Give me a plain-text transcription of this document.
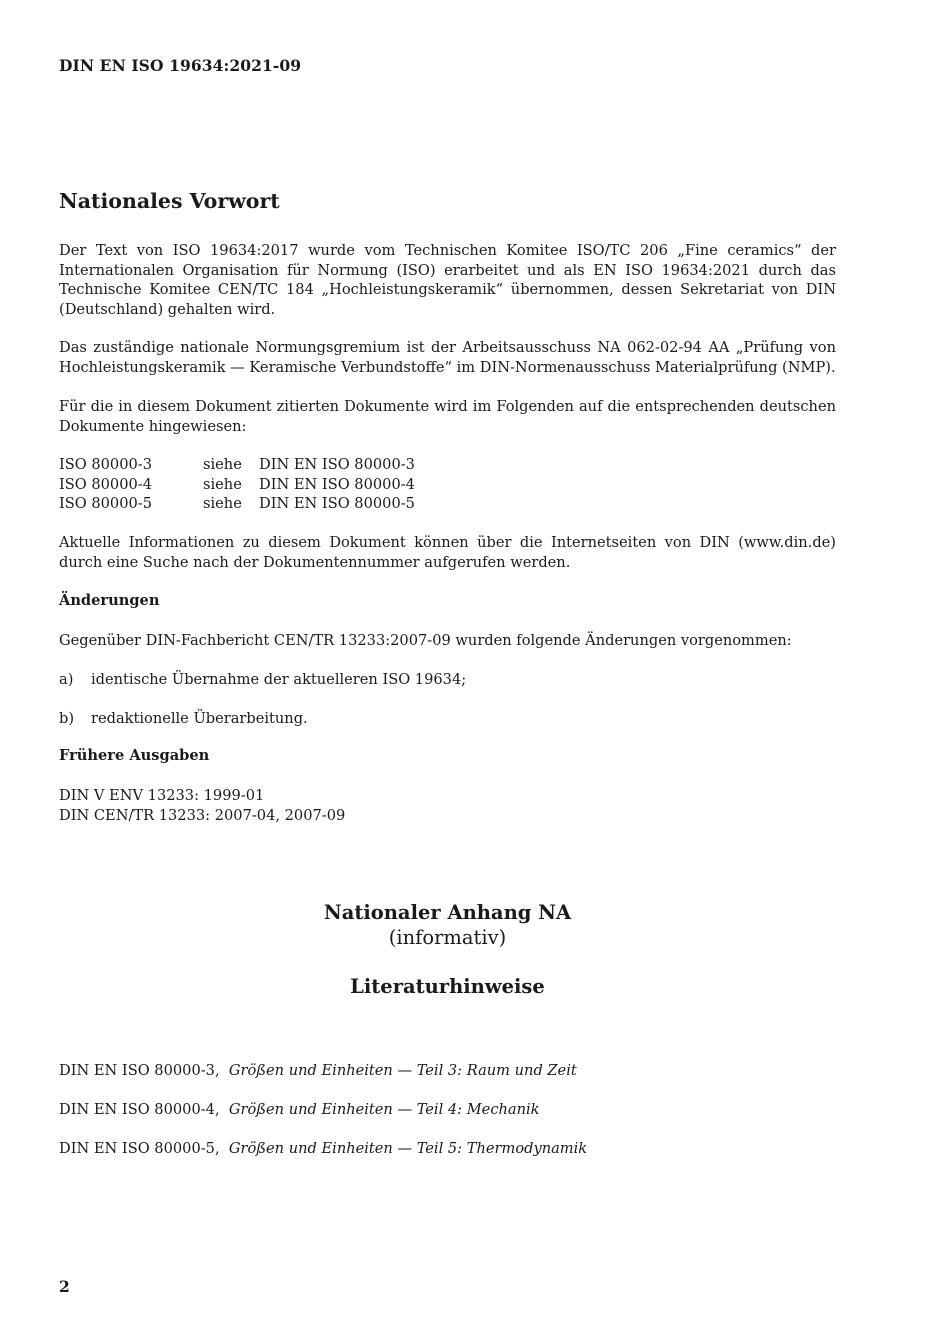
DIN EN ISO 19634:2021-09
Nationales Vorwort
Der Text von ISO 19634:2017 wurde vom Technischen Komitee ISO/TC 206 „Fine ceramics“ der Internationalen Organisation für Normung (ISO) erarbeitet und als EN ISO 19634:2021 durch das Technische Komitee CEN/TC 184 „Hochleistungskeramik“ übernommen, dessen Sekretariat von DIN (Deutschland) gehalten wird.
Das zuständige nationale Normungsgremium ist der Arbeitsausschuss NA 062-02-94 AA „Prüfung von Hochleistungskeramik — Keramische Verbundstoffe“ im DIN-Normenausschuss Materialprüfung (NMP).
Für die in diesem Dokument zitierten Dokumente wird im Folgenden auf die entsprechenden deutschen Dokumente hingewiesen:
ISO 80000-3	siehe	DIN EN ISO 80000-3
ISO 80000-4	siehe	DIN EN ISO 80000-4
ISO 80000-5	siehe	DIN EN ISO 80000-5
Aktuelle Informationen zu diesem Dokument können über die Internetseiten von DIN (www.din.de) durch eine Suche nach der Dokumentennummer aufgerufen werden.
Änderungen
Gegenüber DIN-Fachbericht CEN/TR 13233:2007-09 wurden folgende Änderungen vorgenommen:
a)	identische Übernahme der aktuelleren ISO 19634;
b)	redaktionelle Überarbeitung.
Frühere Ausgaben
DIN V ENV 13233: 1999-01
DIN CEN/TR 13233: 2007-04, 2007-09
Nationaler Anhang NA
(informativ)
Literaturhinweise
DIN EN ISO 80000-3,  Größen und Einheiten — Teil 3: Raum und Zeit
DIN EN ISO 80000-4,  Größen und Einheiten — Teil 4: Mechanik
DIN EN ISO 80000-5,  Größen und Einheiten — Teil 5: Thermodynamik
2
